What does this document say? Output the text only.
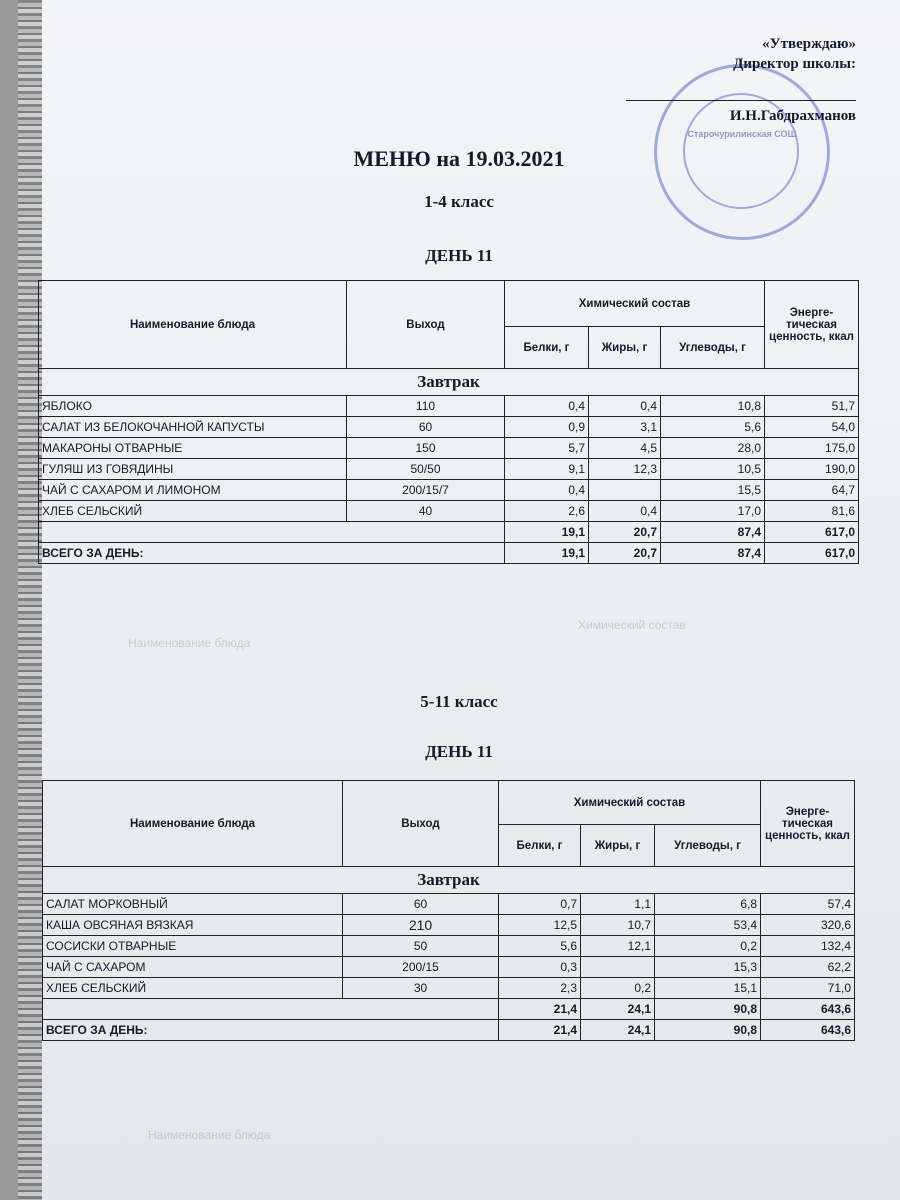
Старочурилинская СОШ
«Утверждаю»
Директор школы:
И.Н.Габдрахманов
МЕНЮ на 19.03.2021
1-4 класс
ДЕНЬ 11
Наименование блюда	Выход	Химический состав			Энерге-тическая ценность, ккал
		Белки, г	Жиры, г	Углеводы, г	
Завтрак					
ЯБЛОКО	110	0,4	0,4	10,8	51,7
САЛАТ ИЗ БЕЛОКОЧАННОЙ КАПУСТЫ	60	0,9	3,1	5,6	54,0
МАКАРОНЫ ОТВАРНЫЕ	150	5,7	4,5	28,0	175,0
ГУЛЯШ ИЗ ГОВЯДИНЫ	50/50	9,1	12,3	10,5	190,0
ЧАЙ С САХАРОМ И ЛИМОНОМ	200/15/7	0,4		15,5	64,7
ХЛЕБ СЕЛЬСКИЙ	40	2,6	0,4	17,0	81,6
		19,1	20,7	87,4	617,0
ВСЕГО ЗА ДЕНЬ:		19,1	20,7	87,4	617,0
Наименование блюда
Химический состав
5-11 класс
ДЕНЬ 11
Наименование блюда	Выход	Химический состав			Энерге-тическая ценность, ккал
		Белки, г	Жиры, г	Углеводы, г	
Завтрак					
САЛАТ МОРКОВНЫЙ	60	0,7	1,1	6,8	57,4
КАША ОВСЯНАЯ ВЯЗКАЯ	210	12,5	10,7	53,4	320,6
СОСИСКИ ОТВАРНЫЕ	50	5,6	12,1	0,2	132,4
ЧАЙ С САХАРОМ	200/15	0,3		15,3	62,2
ХЛЕБ СЕЛЬСКИЙ	30	2,3	0,2	15,1	71,0
		21,4	24,1	90,8	643,6
ВСЕГО ЗА ДЕНЬ:		21,4	24,1	90,8	643,6
Наименование блюда
